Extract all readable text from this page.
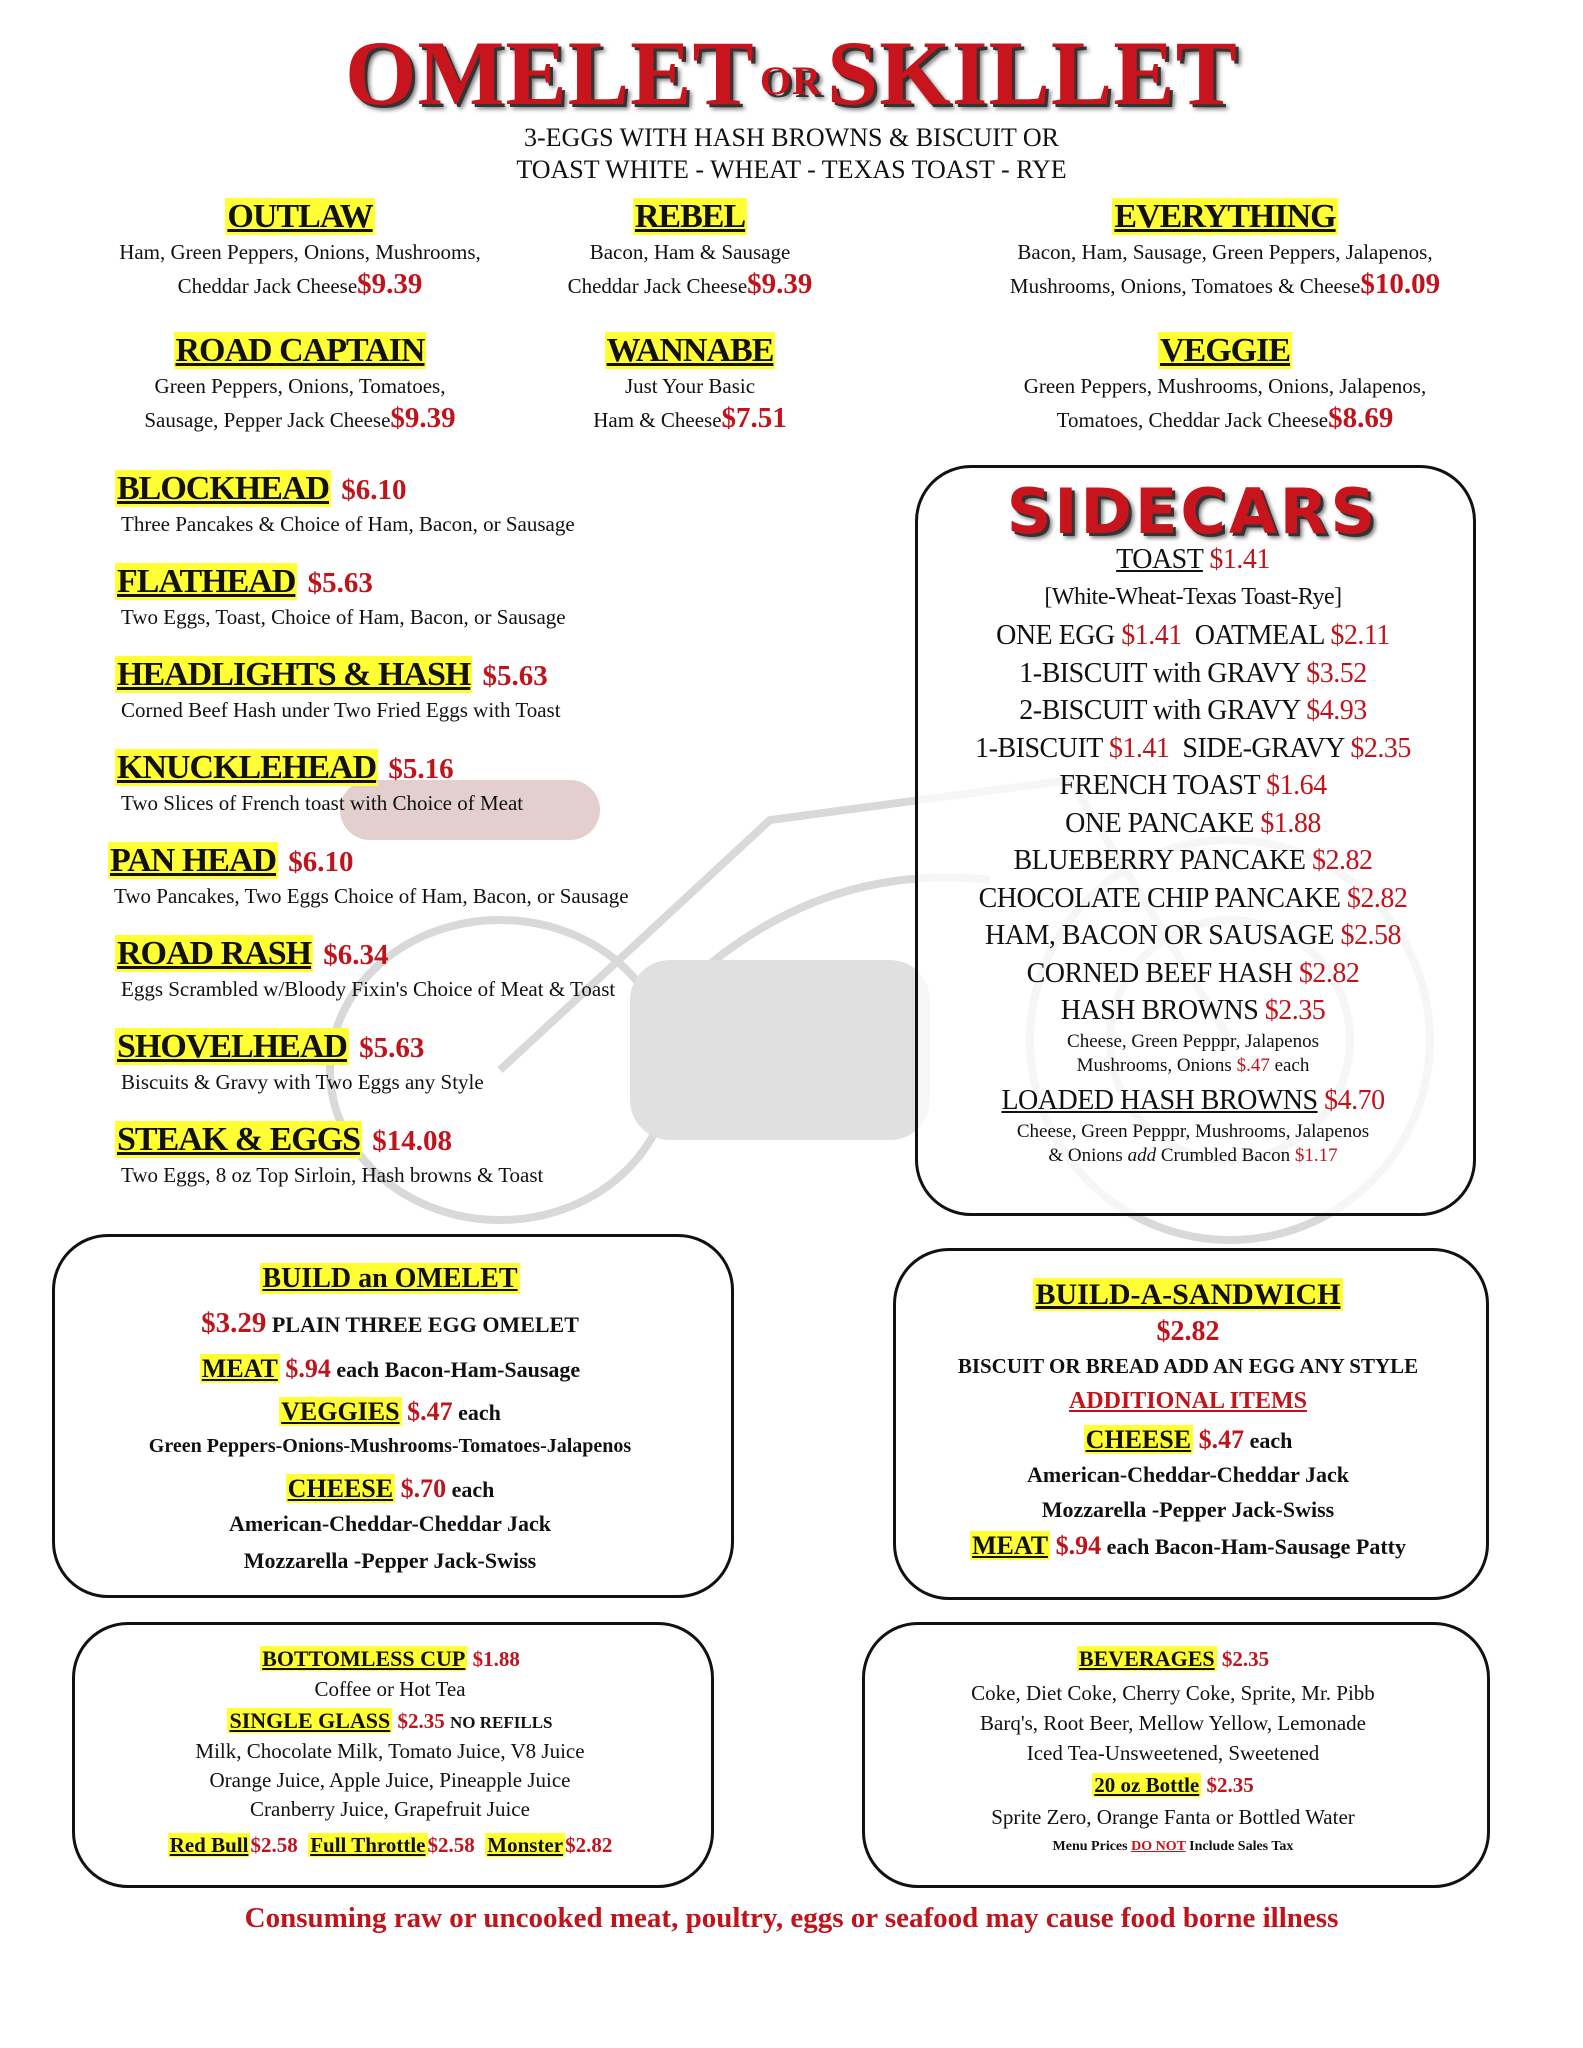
OMELET OR SKILLET
3-EGGS WITH HASH BROWNS & BISCUIT OR
TOAST WHITE - WHEAT - TEXAS TOAST - RYE
OUTLAW
Ham, Green Peppers, Onions, Mushrooms,
Cheddar Jack Cheese$9.39
REBEL
Bacon, Ham & Sausage
Cheddar Jack Cheese$9.39
EVERYTHING
Bacon, Ham, Sausage, Green Peppers, Jalapenos,
Mushrooms, Onions, Tomatoes & Cheese$10.09
ROAD CAPTAIN
Green Peppers, Onions, Tomatoes,
Sausage, Pepper Jack Cheese$9.39
WANNABE
Just Your Basic
Ham & Cheese$7.51
VEGGIE
Green Peppers, Mushrooms, Onions, Jalapenos,
Tomatoes, Cheddar Jack Cheese$8.69
BLOCKHEAD $6.10
Three Pancakes & Choice of Ham, Bacon, or Sausage
FLATHEAD $5.63
Two Eggs, Toast, Choice of Ham, Bacon, or Sausage
HEADLIGHTS & HASH $5.63
Corned Beef Hash under Two Fried Eggs with Toast
KNUCKLEHEAD $5.16
Two Slices of French toast with Choice of Meat
PAN HEAD $6.10
Two Pancakes, Two Eggs Choice of Ham, Bacon, or Sausage
ROAD RASH $6.34
Eggs Scrambled w/Bloody Fixin's Choice of Meat & Toast
SHOVELHEAD $5.63
Biscuits & Gravy with Two Eggs any Style
STEAK & EGGS $14.08
Two Eggs, 8 oz Top Sirloin, Hash browns & Toast
SIDECARS
TOAST $1.41
[White-Wheat-Texas Toast-Rye]
ONE EGG $1.41  OATMEAL $2.11
1-BISCUIT with GRAVY $3.52
2-BISCUIT with GRAVY $4.93
1-BISCUIT $1.41  SIDE-GRAVY $2.35
FRENCH TOAST $1.64
ONE PANCAKE $1.88
BLUEBERRY PANCAKE $2.82
CHOCOLATE CHIP PANCAKE $2.82
HAM, BACON OR SAUSAGE $2.58
CORNED BEEF HASH $2.82
HASH BROWNS $2.35
Cheese, Green Pepppr, Jalapenos
Mushrooms, Onions $.47 each
LOADED HASH BROWNS $4.70
Cheese, Green Pepppr, Mushrooms, Jalapenos
& Onions add Crumbled Bacon $1.17
BUILD an OMELET
$3.29 PLAIN THREE EGG OMELET
MEAT $.94 each Bacon-Ham-Sausage
VEGGIES $.47 each
Green Peppers-Onions-Mushrooms-Tomatoes-Jalapenos
CHEESE $.70 each
American-Cheddar-Cheddar Jack
Mozzarella -Pepper Jack-Swiss
BUILD-A-SANDWICH
$2.82
BISCUIT OR BREAD ADD AN EGG ANY STYLE
ADDITIONAL ITEMS
CHEESE $.47 each
American-Cheddar-Cheddar Jack
Mozzarella -Pepper Jack-Swiss
MEAT $.94 each Bacon-Ham-Sausage Patty
BOTTOMLESS CUP $1.88
Coffee or Hot Tea
SINGLE GLASS $2.35 NO REFILLS
Milk, Chocolate Milk, Tomato Juice, V8 Juice
Orange Juice, Apple Juice, Pineapple Juice
Cranberry Juice, Grapefruit Juice
Red Bull$2.58 Full Throttle$2.58 Monster$2.82
BEVERAGES $2.35
Coke, Diet Coke, Cherry Coke, Sprite, Mr. Pibb
Barq's, Root Beer, Mellow Yellow, Lemonade
Iced Tea-Unsweetened, Sweetened
20 oz Bottle $2.35
Sprite Zero, Orange Fanta or Bottled Water
Menu Prices DO NOT Include Sales Tax
Consuming raw or uncooked meat, poultry, eggs or seafood may cause food borne illness
